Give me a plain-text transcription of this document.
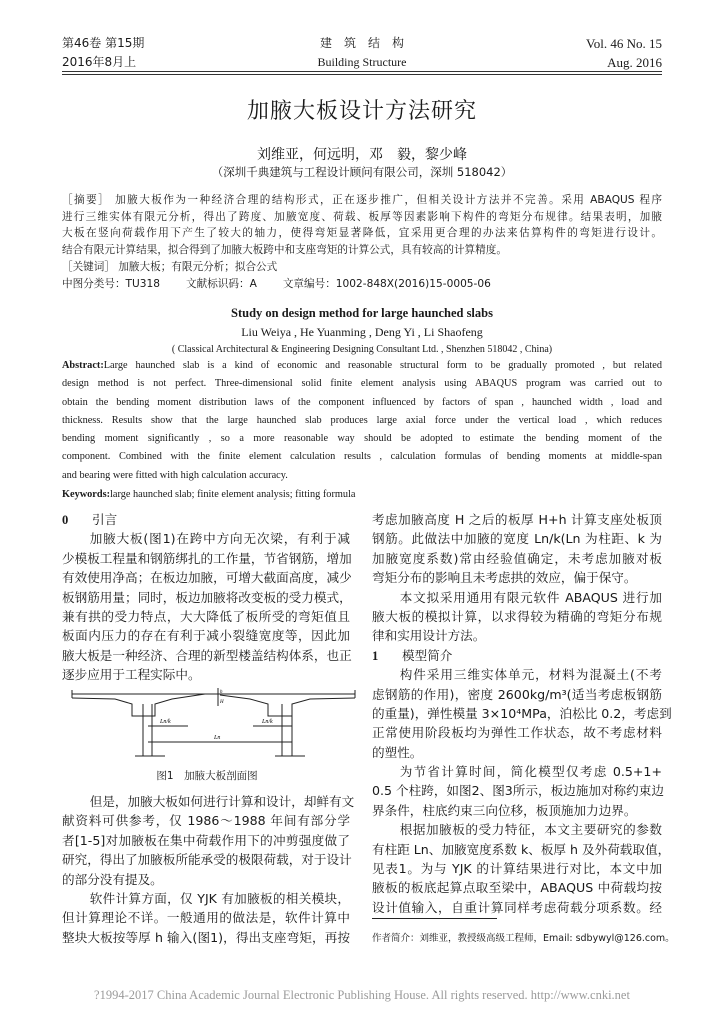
第46卷 第15期
2016年8月上
建　筑　结　构
Building Structure
Vol. 46 No. 15
Aug. 2016
加腋大板设计方法研究
刘维亚，何远明，邓　毅，黎少峰
（深圳千典建筑与工程设计顾问有限公司，深圳 518042）
［摘要］ 加腋大板作为一种经济合理的结构形式，正在逐步推广，但相关设计方法并不完善。采用 ABAQUS 程序
进行三维实体有限元分析，得出了跨度、加腋宽度、荷载、板厚等因素影响下构件的弯矩分布规律。结果表明，加腋
大板在竖向荷载作用下产生了较大的轴力，使得弯矩显著降低，宜采用更合理的办法来估算构件的弯矩进行设计。
结合有限元计算结果，拟合得到了加腋大板跨中和支座弯矩的计算公式，具有较高的计算精度。
［关键词］ 加腋大板；有限元分析；拟合公式
中图分类号：TU318 文献标识码：A 文章编号：1002-848X(2016)15-0005-06
Study on design method for large haunched slabs
Liu Weiya , He Yuanming , Deng Yi , Li Shaofeng
( Classical Architectural & Engineering Designing Consultant Ltd. , Shenzhen 518042 , China)
Abstract:Large haunched slab is a kind of economic and reasonable structural form to be gradually promoted , but related
design method is not perfect. Three-dimensional solid finite element analysis using ABAQUS program was carried out to
obtain the bending moment distribution laws of the component influenced by factors of span , haunched width , load and
thickness. Results show that the large haunched slab produces large axial force under the vertical load , which reduces
bending moment significantly , so a more reasonable way should be adopted to estimate the bending moment of the
component. Combined with the finite element calculation results , calculation formulas of bending moments at middle-span
and bearing were fitted with high calculation accuracy.
Keywords:large haunched slab; finite element analysis; fitting formula
0 引言
加腋大板(图1)在跨中方向无次梁，有利于减
少模板工程量和钢筋绑扎的工作量，节省钢筋，增加
有效使用净高；在板边加腋，可增大截面高度，减少
板钢筋用量；同时，板边加腋将改变板的受力模式，
兼有拱的受力特点，大大降低了板所受的弯矩值且
板面内压力的存在有利于减小裂缝宽度等，因此加
腋大板是一种经济、合理的新型楼盖结构体系，也正
逐步应用于工程实际中。
Ln/k	Ln/k
Ln
h
H
图1　加腋大板剖面图
但是，加腋大板如何进行计算和设计，却鲜有文
献资料可供参考，仅 1986～1988 年间有部分学
者[1-5]对加腋板在集中荷载作用下的冲剪强度做了
研究，得出了加腋板所能承受的极限荷载，对于设计
的部分没有提及。
软件计算方面，仅 YJK 有加腋板的相关模块，
但计算理论不详。一般通用的做法是，软件计算中
整块大板按等厚 h 输入(图1)，得出支座弯矩，再按
考虑加腋高度 H 之后的板厚 H+h 计算支座处板顶
钢筋。此做法中加腋的宽度 Ln/k(Ln 为柱距、k 为
加腋宽度系数)常由经验值确定，未考虑加腋对板
弯矩分布的影响且未考虑拱的效应，偏于保守。
本文拟采用通用有限元软件 ABAQUS 进行加
腋大板的模拟计算，以求得较为精确的弯矩分布规
律和实用设计方法。
1 模型简介
构件采用三维实体单元，材料为混凝土(不考
虑钢筋的作用)，密度 2600kg/m³(适当考虑板钢筋
的重量)，弹性模量 3×10⁴MPa，泊松比 0.2，考虑到
正常使用阶段板均为弹性工作状态，故不考虑材料
的塑性。
为节省计算时间，简化模型仅考虑 0.5+1+
0.5 个柱跨，如图2、图3所示，板边施加对称约束边
界条件，柱底约束三向位移，板顶施加力边界。
根据加腋板的受力特征，本文主要研究的参数
有柱距 Ln、加腋宽度系数 k、板厚 h 及外荷载取值，
见表1。为与 YJK 的计算结果进行对比，本文中加
腋板的板底起算点取至梁中，ABAQUS 中荷载均按
设计值输入，自重计算同样考虑荷载分项系数。经
作者简介：刘维亚，教授级高级工程师，Email: sdbywyl@126.com。
?1994-2017 China Academic Journal Electronic Publishing House. All rights reserved. http://www.cnki.net
